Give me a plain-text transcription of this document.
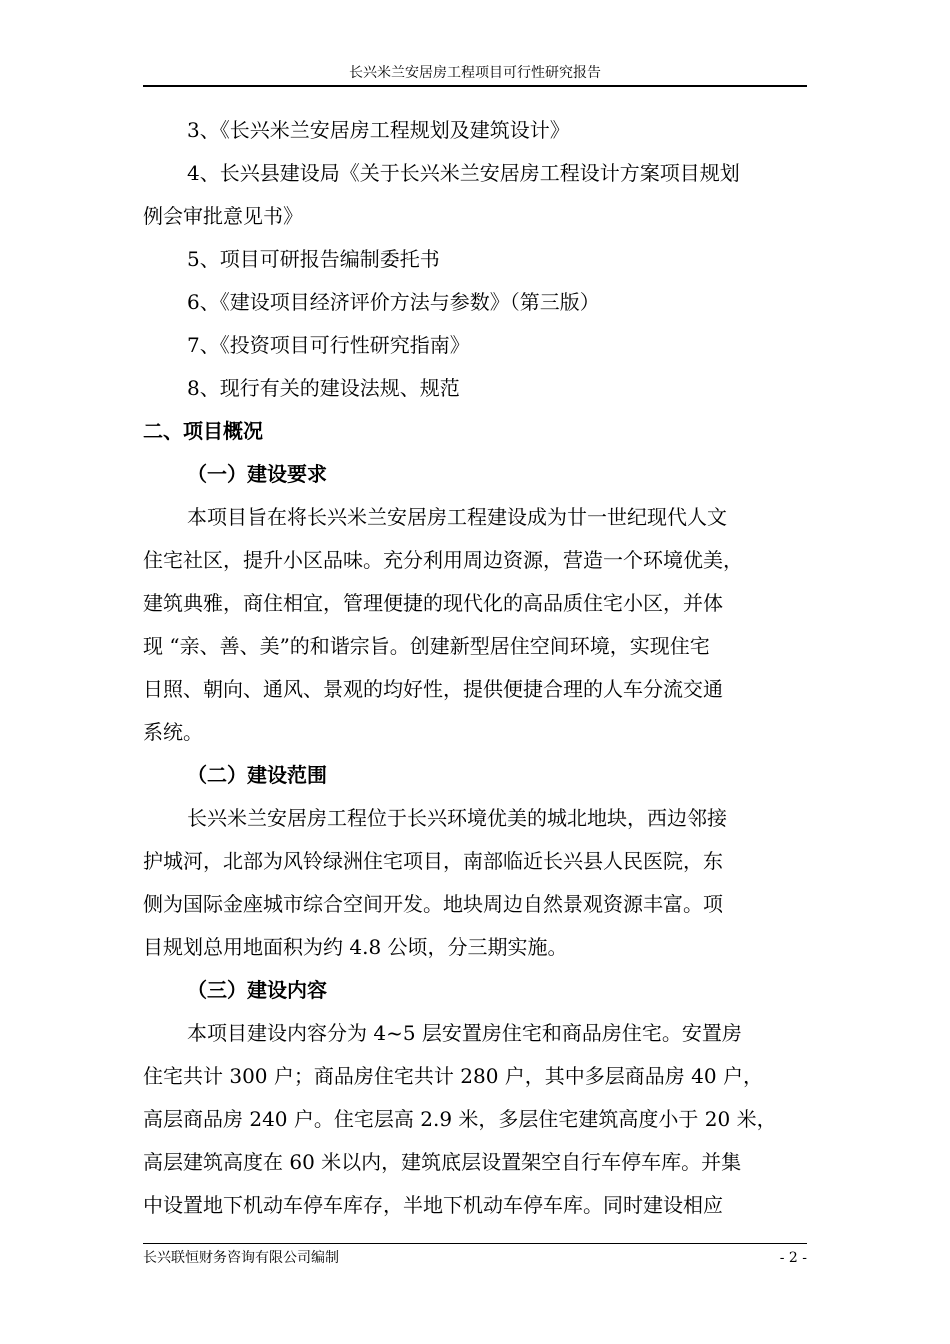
长兴米兰安居房工程项目可行性研究报告
3、《长兴米兰安居房工程规划及建筑设计》
4、长兴县建设局《关于长兴米兰安居房工程设计方案项目规划
例会审批意见书》
5、项目可研报告编制委托书
6、《建设项目经济评价方法与参数》（第三版）
7、《投资项目可行性研究指南》
8、现行有关的建设法规、规范
二、项目概况
（一）建设要求
本项目旨在将长兴米兰安居房工程建设成为廿一世纪现代人文
住宅社区，提升小区品味。充分利用周边资源，营造一个环境优美，
建筑典雅，商住相宜，管理便捷的现代化的高品质住宅小区，并体
现 “亲、善、美”的和谐宗旨。创建新型居住空间环境，实现住宅
日照、朝向、通风、景观的均好性，提供便捷合理的人车分流交通
系统。
（二）建设范围
长兴米兰安居房工程位于长兴环境优美的城北地块，西边邻接
护城河，北部为风铃绿洲住宅项目，南部临近长兴县人民医院，东
侧为国际金座城市综合空间开发。地块周边自然景观资源丰富。项
目规划总用地面积为约 4.8 公顷，分三期实施。
（三）建设内容
本项目建设内容分为 4~5 层安置房住宅和商品房住宅。安置房
住宅共计 300 户；商品房住宅共计 280 户，其中多层商品房 40 户，
高层商品房 240 户。住宅层高 2.9 米，多层住宅建筑高度小于 20 米，
高层建筑高度在 60 米以内，建筑底层设置架空自行车停车库。并集
中设置地下机动车停车库存，半地下机动车停车库。同时建设相应
长兴联恒财务咨询有限公司编制	- 2 -
